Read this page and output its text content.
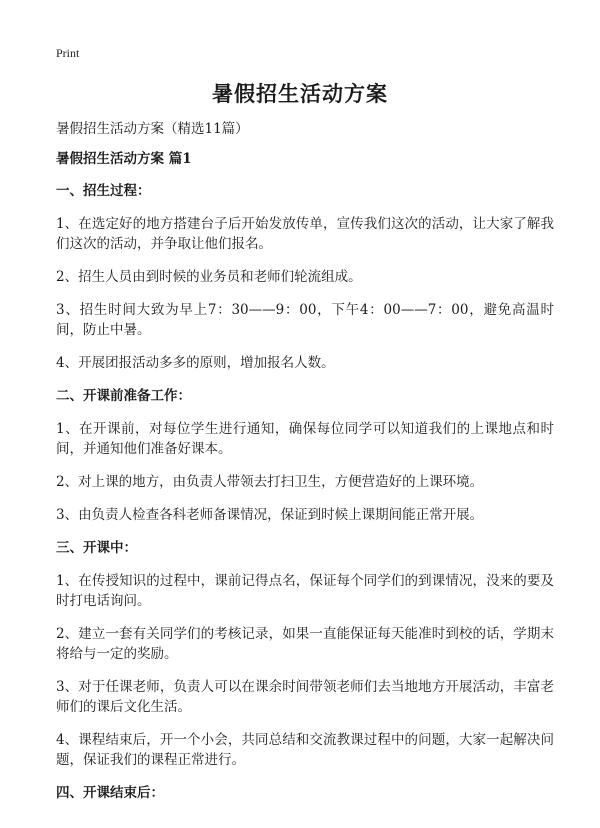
Print
暑假招生活动方案
暑假招生活动方案（精选11篇）
暑假招生活动方案 篇1
一、招生过程：
1、在选定好的地方搭建台子后开始发放传单，宣传我们这次的活动，让大家了解我们这次的活动，并争取让他们报名。
2、招生人员由到时候的业务员和老师们轮流组成。
3、招生时间大致为早上7：30——9：00，下午4：00——7：00，避免高温时间，防止中暑。
4、开展团报活动多多的原则，增加报名人数。
二、开课前准备工作：
1、在开课前，对每位学生进行通知，确保每位同学可以知道我们的上课地点和时间，并通知他们准备好课本。
2、对上课的地方，由负责人带领去打扫卫生，方便营造好的上课环境。
3、由负责人检查各科老师备课情况，保证到时候上课期间能正常开展。
三、开课中：
1、在传授知识的过程中，课前记得点名，保证每个同学们的到课情况，没来的要及时打电话询问。
2、建立一套有关同学们的考核记录，如果一直能保证每天能准时到校的话，学期末将给与一定的奖励。
3、对于任课老师，负责人可以在课余时间带领老师们去当地地方开展活动，丰富老师们的课后文化生活。
4、课程结束后，开一个小会，共同总结和交流教课过程中的问题，大家一起解决问题，保证我们的课程正常进行。
四、开课结束后：
